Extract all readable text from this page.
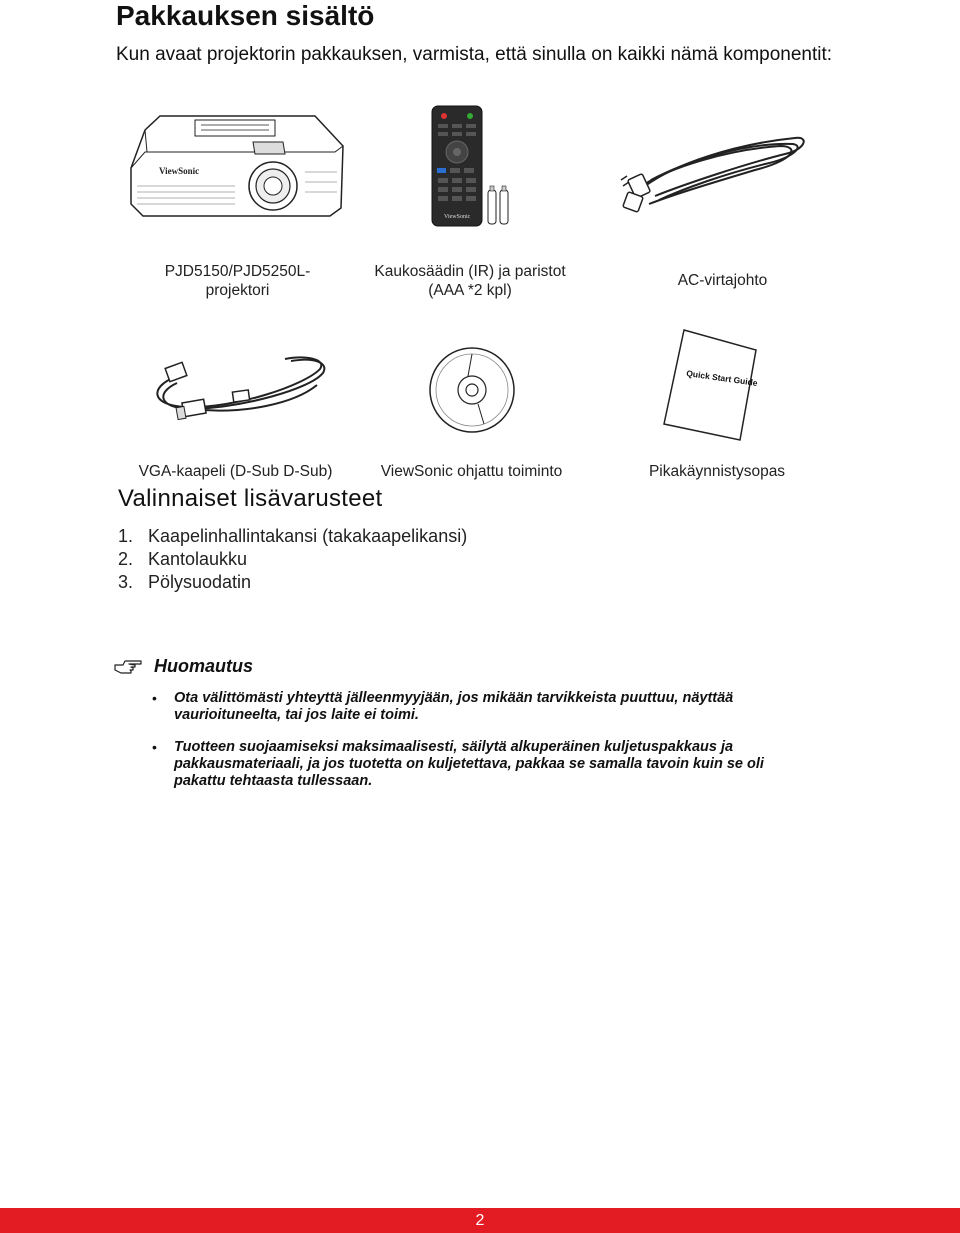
Pakkauksen sisältö
Kun avaat projektorin pakkauksen, varmista, että sinulla on kaikki nämä komponentit:
ViewSonic
ViewSonic
PJD5150/PJD5250L-
projektori
Kaukosäädin (IR) ja paristot
(AAA *2 kpl)
AC-virtajohto
Quick Start Guide
VGA-kaapeli (D-Sub D-Sub)	ViewSonic ohjattu toiminto	Pikakäynnistysopas
Valinnaiset lisävarusteet
1. Kaapelinhallintakansi (takakaapelikansi)
2. Kantolaukku
3. Pölysuodatin
Huomautus
• Ota välittömästi yhteyttä jälleenmyyjään, jos mikään tarvikkeista puuttuu, näyttää
vaurioituneelta, tai jos laite ei toimi.
• Tuotteen suojaamiseksi maksimaalisesti, säilytä alkuperäinen kuljetuspakkaus ja
pakkausmateriaali, ja jos tuotetta on kuljetettava, pakkaa se samalla tavoin kuin se oli
pakattu tehtaasta tullessaan.
2
